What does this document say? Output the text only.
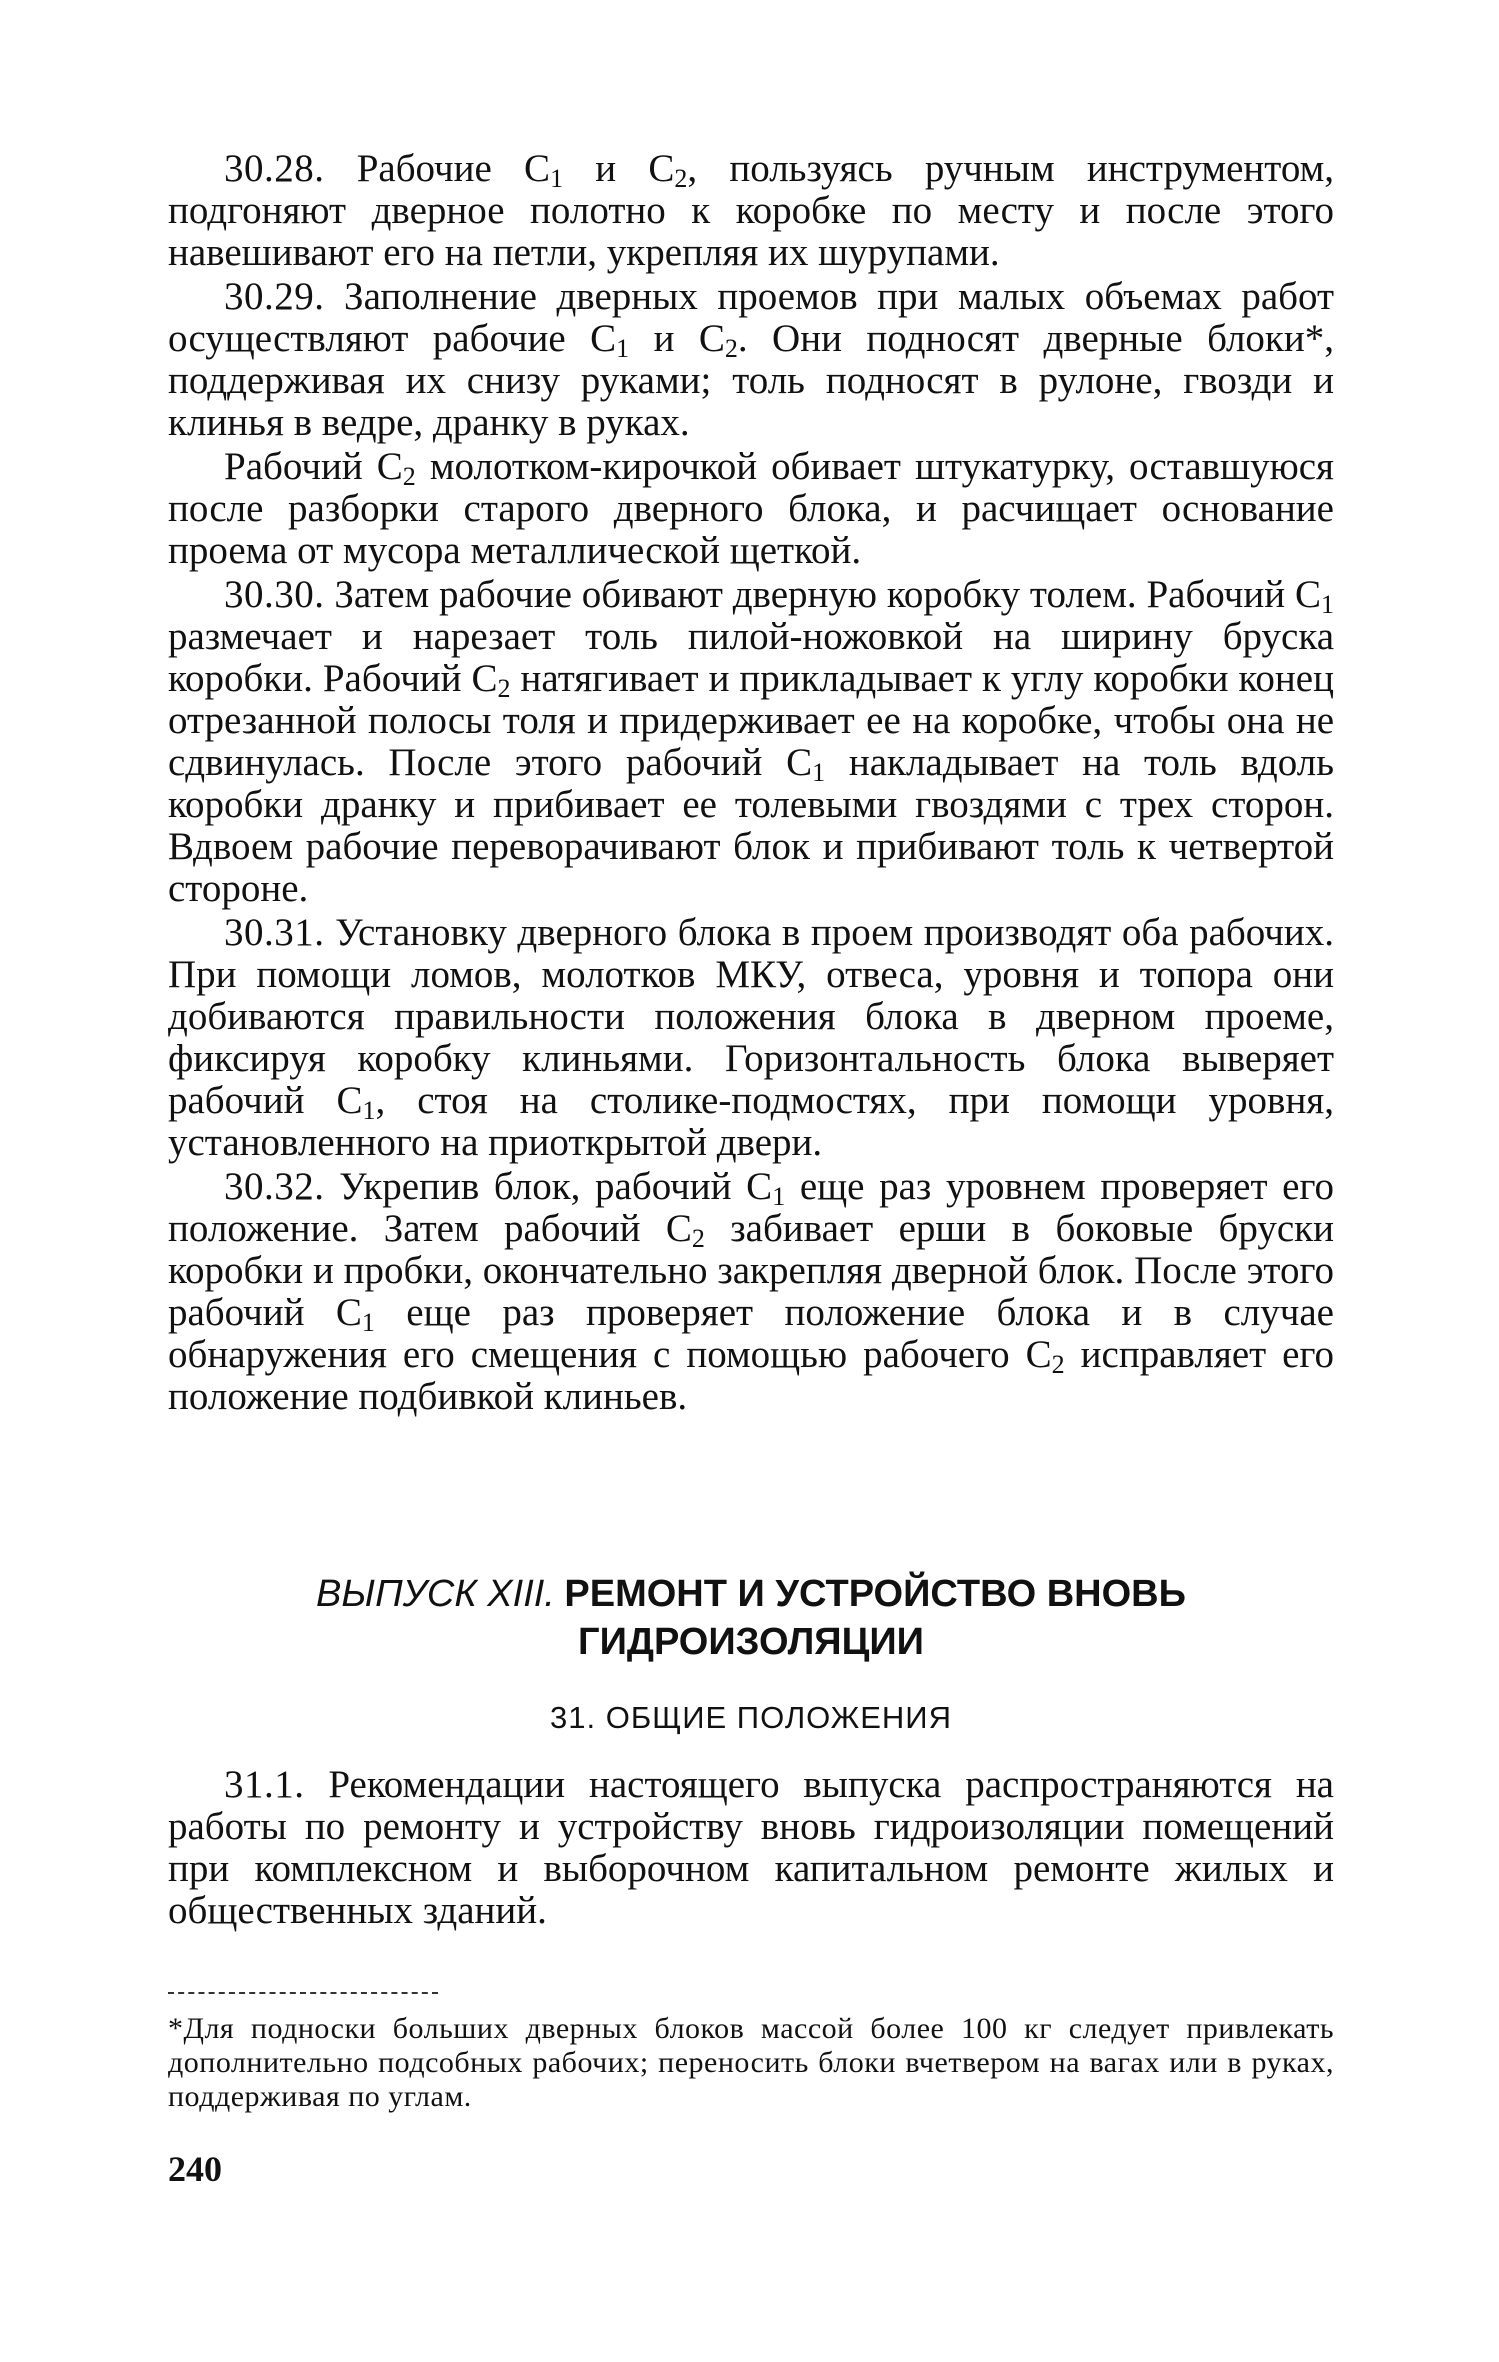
30.28. Рабочие $С_1$ и $С_2$, пользуясь ручным инструментом, подгоняют дверное полотно к коробке по месту и после этого навешивают его на петли, укрепляя их шурупами.

30.29. Заполнение дверных проемов при малых объемах работ осуществляют рабочие $С_1$ и $С_2$. Они подносят дверные блоки*, поддерживая их снизу руками; толь подносят в рулоне, гвозди и клинья в ведре, дранку в руках.

Рабочий $С_2$ молотком-кирочкой обивает штукатурку, оставшуюся после разборки старого дверного блока, и расчищает основание проема от мусора металлической щеткой.

30.30. Затем рабочие обивают дверную коробку толем. Рабочий $С_1$ размечает и нарезает толь пилой-ножовкой на ширину бруска коробки. Рабочий $С_2$ натягивает и прикладывает к углу коробки конец отрезанной полосы толя и придерживает ее на коробке, чтобы она не сдвинулась. После этого рабочий $С_1$ накладывает на толь вдоль коробки дранку и прибивает ее толевыми гвоздями с трех сторон. Вдвоем рабочие переворачивают блок и прибивают толь к четвертой стороне.

30.31. Установку дверного блока в проем производят оба рабочих. При помощи ломов, молотков МКУ, отвеса, уровня и топора они добиваются правильности положения блока в дверном проеме, фиксируя коробку клиньями. Горизонтальность блока выверяет рабочий $С_1$, стоя на столике-подмостях, при помощи уровня, установленного на приоткрытой двери.

30.32. Укрепив блок, рабочий $С_1$ еще раз уровнем проверяет его положение. Затем рабочий $С_2$ забивает ерши в боковые бруски коробки и пробки, окончательно закрепляя дверной блок. После этого рабочий $С_1$ еще раз проверяет положение блока и в случае обнаружения его смещения с помощью рабочего $С_2$ исправляет его положение подбивкой клиньев.

ВЫПУСК XIII. РЕМОНТ И УСТРОЙСТВО ВНОВЬ
ГИДРОИЗОЛЯЦИИ
31. ОБЩИЕ ПОЛОЖЕНИЯ

31.1. Рекомендации настоящего выпуска распространяются на работы по ремонту и устройству вновь гидроизоляции помещений при комплексном и выборочном капитальном ремонте жилых и общественных зданий.

*Для подноски больших дверных блоков массой более 100 кг следует привлекать дополнительно подсобных рабочих; переносить блоки вчетвером на вагах или в руках, поддерживая по углам.
240
